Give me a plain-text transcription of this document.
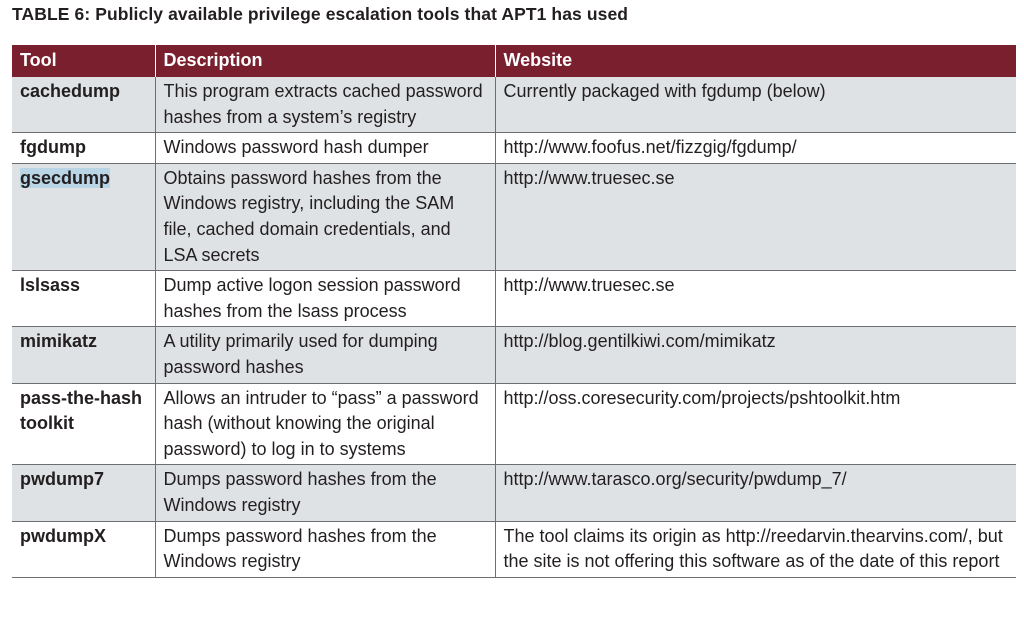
TABLE 6: Publicly available privilege escalation tools that APT1 has used
Tool	Description	Website
cachedump	This program extracts cached password hashes from a system’s registry	Currently packaged with fgdump (below)
fgdump	Windows password hash dumper	http://www.foofus.net/fizzgig/fgdump/
gsecdump	Obtains password hashes from the Windows registry, including the SAM file, cached domain credentials, and LSA secrets	http://www.truesec.se
lslsass	Dump active logon session password hashes from the lsass process	http://www.truesec.se
mimikatz	A utility primarily used for dumping password hashes	http://blog.gentilkiwi.com/mimikatz
pass-the-hash toolkit	Allows an intruder to “pass” a password hash (without knowing the original password) to log in to systems	http://oss.coresecurity.com/projects/pshtoolkit.htm
pwdump7	Dumps password hashes from the Windows registry	http://www.tarasco.org/security/pwdump_7/
pwdumpX	Dumps password hashes from the Windows registry	The tool claims its origin as http://reedarvin.thearvins.com/, but the site is not offering this software as of the date of this report
